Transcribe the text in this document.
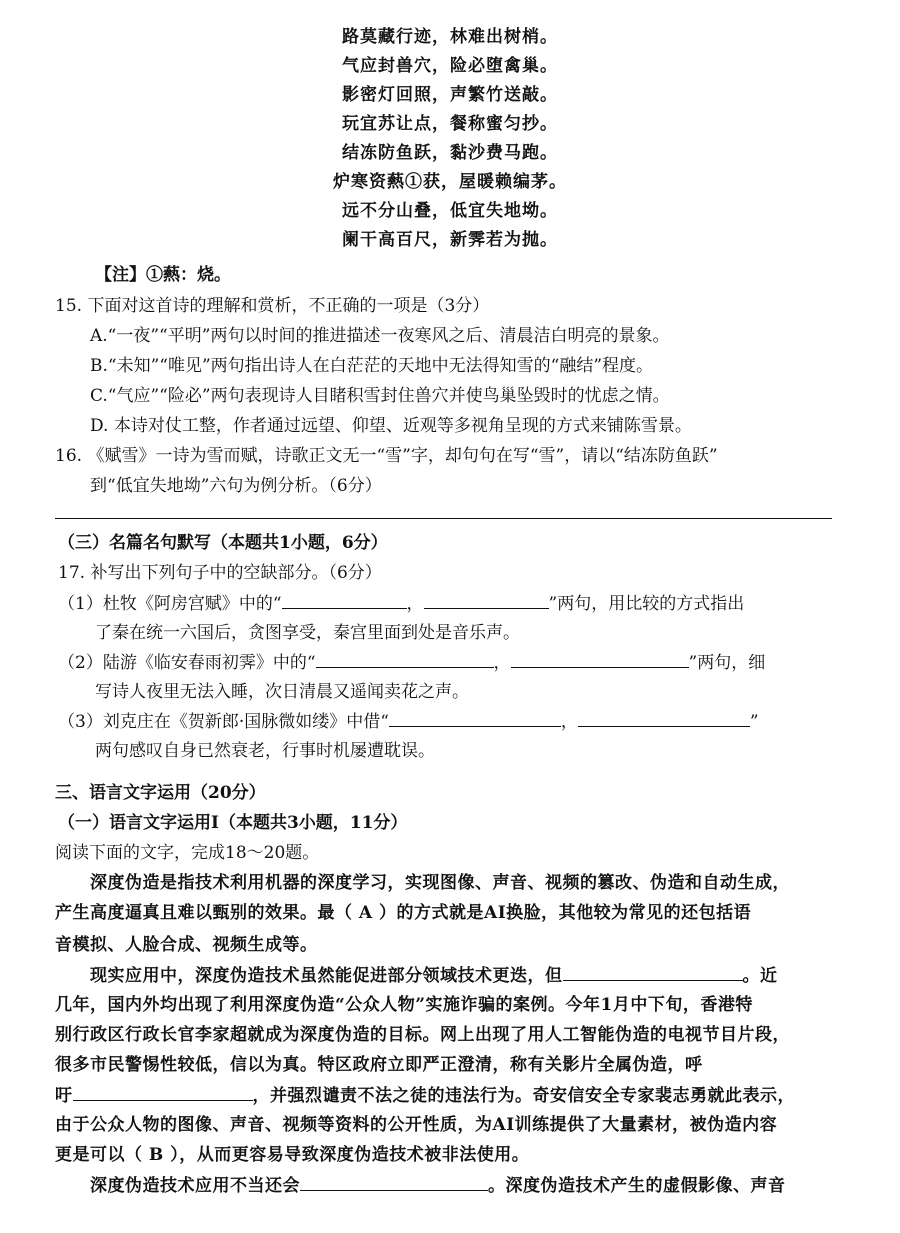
路莫藏行迹，林难出树梢。
气应封兽穴，险必堕禽巢。
影密灯回照，声繁竹送敲。
玩宜苏让点，餐称蜜匀抄。
结冻防鱼跃，黏沙费马跑。
炉寒资爇①获，屋暖赖编茅。
远不分山叠，低宜失地坳。
阑干高百尺，新霁若为抛。
【注】①爇：烧。
15. 下面对这首诗的理解和赏析，不正确的一项是（3分）
A.“一夜”“平明”两句以时间的推进描述一夜寒风之后、清晨洁白明亮的景象。
B.“未知”“唯见”两句指出诗人在白茫茫的天地中无法得知雪的“融结”程度。
C.“气应”“险必”两句表现诗人目睹积雪封住兽穴并使鸟巢坠毁时的忧虑之情。
D. 本诗对仗工整，作者通过远望、仰望、近观等多视角呈现的方式来铺陈雪景。
16. 《赋雪》一诗为雪而赋，诗歌正文无一“雪”字，却句句在写“雪”，请以“结冻防鱼跃”
到“低宜失地坳”六句为例分析。（6分）
（三）名篇名句默写（本题共1小题，6分）
17. 补写出下列句子中的空缺部分。（6分）
（1）杜牧《阿房宫赋》中的“	，	”两句，用比较的方式指出
了秦在统一六国后，贪图享受，秦宫里面到处是音乐声。
（2）陆游《临安春雨初霁》中的“	，	”两句，细
写诗人夜里无法入睡，次日清晨又遥闻卖花之声。
（3）刘克庄在《贺新郎·国脉微如缕》中借“	，	”
两句感叹自身已然衰老，行事时机屡遭耽误。
三、语言文字运用（20分）
（一）语言文字运用Ⅰ（本题共3小题，11分）
阅读下面的文字，完成18～20题。
深度伪造是指技术利用机器的深度学习，实现图像、声音、视频的篡改、伪造和自动生成，
产生高度逼真且难以甄别的效果。最（ A ）的方式就是AI换脸，其他较为常见的还包括语
音模拟、人脸合成、视频生成等。
现实应用中，深度伪造技术虽然能促进部分领域技术更迭，但	。近
几年，国内外均出现了利用深度伪造“公众人物”实施诈骗的案例。今年1月中下旬，香港特
别行政区行政长官李家超就成为深度伪造的目标。网上出现了用人工智能伪造的电视节目片段，
很多市民警惕性较低，信以为真。特区政府立即严正澄清，称有关影片全属伪造，呼
吁	，并强烈谴责不法之徒的违法行为。奇安信安全专家裴志勇就此表示，
由于公众人物的图像、声音、视频等资料的公开性质，为AI训练提供了大量素材，被伪造内容
更是可以（ B ），从而更容易导致深度伪造技术被非法使用。
深度伪造技术应用不当还会	。深度伪造技术产生的虚假影像、声音
